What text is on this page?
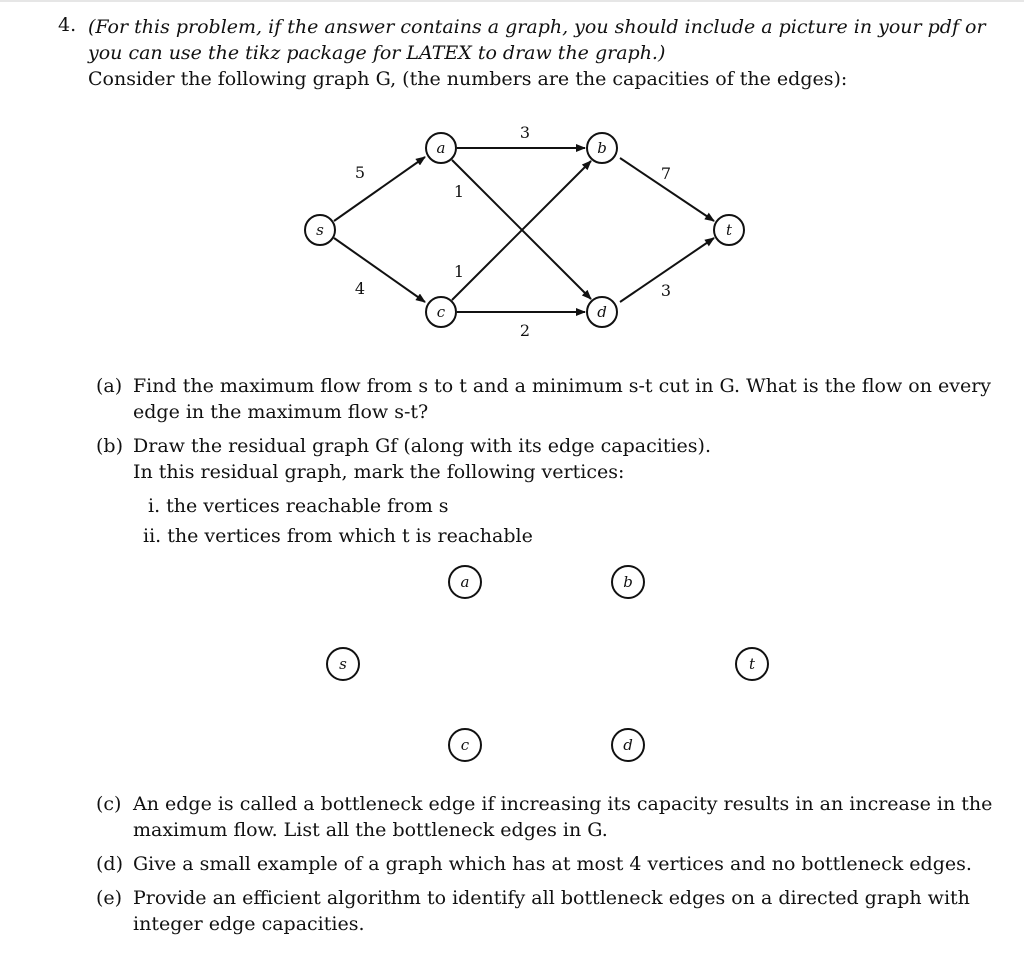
4. (For this problem, if the answer contains a graph, you should include a picture in your pdf or
you can use the tikz package for LATEX to draw the graph.)
Consider the following graph G, (the numbers are the capacities of the edges):
s
a	b
c	d
t
5
4
3
2
1
1
7
3
(a) Find the maximum flow from s to t and a minimum s-t cut in G. What is the flow on every
edge in the maximum flow s-t?
(b) Draw the residual graph Gf (along with its edge capacities).
In this residual graph, mark the following vertices:
i. the vertices reachable from s
ii. the vertices from which t is reachable
a	b
s	t
c	d
(c) An edge is called a bottleneck edge if increasing its capacity results in an increase in the
maximum flow. List all the bottleneck edges in G.
(d) Give a small example of a graph which has at most 4 vertices and no bottleneck edges.
(e) Provide an efficient algorithm to identify all bottleneck edges on a directed graph with
integer edge capacities.
